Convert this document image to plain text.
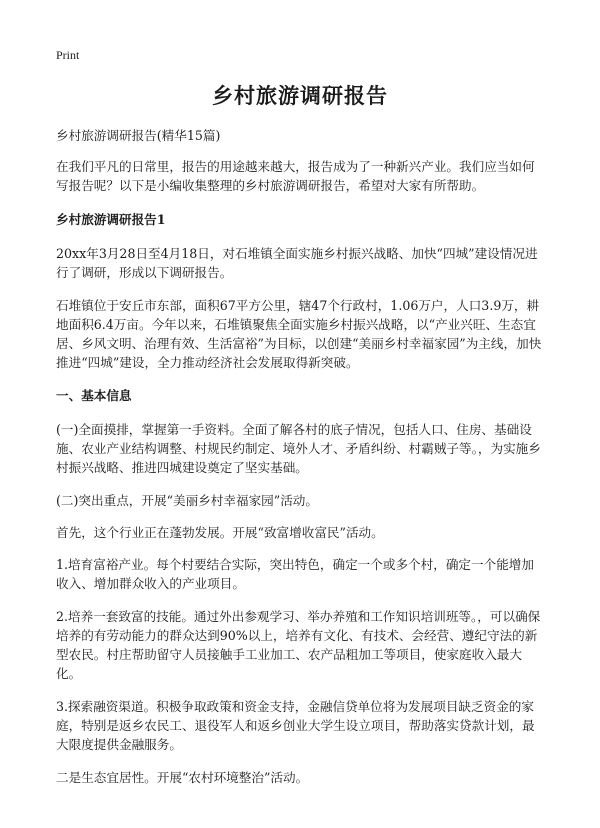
Print
乡村旅游调研报告

乡村旅游调研报告(精华15篇)

在我们平凡的日常里，报告的用途越来越大，报告成为了一种新兴产业。我们应当如何写报告呢？以下是小编收集整理的乡村旅游调研报告，希望对大家有所帮助。

乡村旅游调研报告1

20xx年3月28日至4月18日，对石堆镇全面实施乡村振兴战略、加快“四城”建设情况进行了调研，形成以下调研报告。

石堆镇位于安丘市东部，面积67平方公里，辖47个行政村，1.06万户，人口3.9万，耕地面积6.4万亩。今年以来，石堆镇聚焦全面实施乡村振兴战略，以“产业兴旺、生态宜居、乡风文明、治理有效、生活富裕”为目标，以创建“美丽乡村幸福家园”为主线，加快推进“四城”建设，全力推动经济社会发展取得新突破。

一、基本信息

(一)全面摸排，掌握第一手资料。全面了解各村的底子情况，包括人口、住房、基础设施、农业产业结构调整、村规民约制定、境外人才、矛盾纠纷、村霸贼子等。，为实施乡村振兴战略、推进四城建设奠定了坚实基础。

(二)突出重点，开展“美丽乡村幸福家园”活动。

首先，这个行业正在蓬勃发展。开展“致富增收富民”活动。

1.培育富裕产业。每个村要结合实际，突出特色，确定一个或多个村，确定一个能增加收入、增加群众收入的产业项目。

2.培养一套致富的技能。通过外出参观学习、举办养殖和工作知识培训班等。，可以确保培养的有劳动能力的群众达到90%以上，培养有文化、有技术、会经营、遵纪守法的新型农民。村庄帮助留守人员接触手工业加工、农产品粗加工等项目，使家庭收入最大化。

3.探索融资渠道。积极争取政策和资金支持，金融信贷单位将为发展项目缺乏资金的家庭，特别是返乡农民工、退役军人和返乡创业大学生设立项目，帮助落实贷款计划，最大限度提供金融服务。

二是生态宜居性。开展“农村环境整治”活动。
